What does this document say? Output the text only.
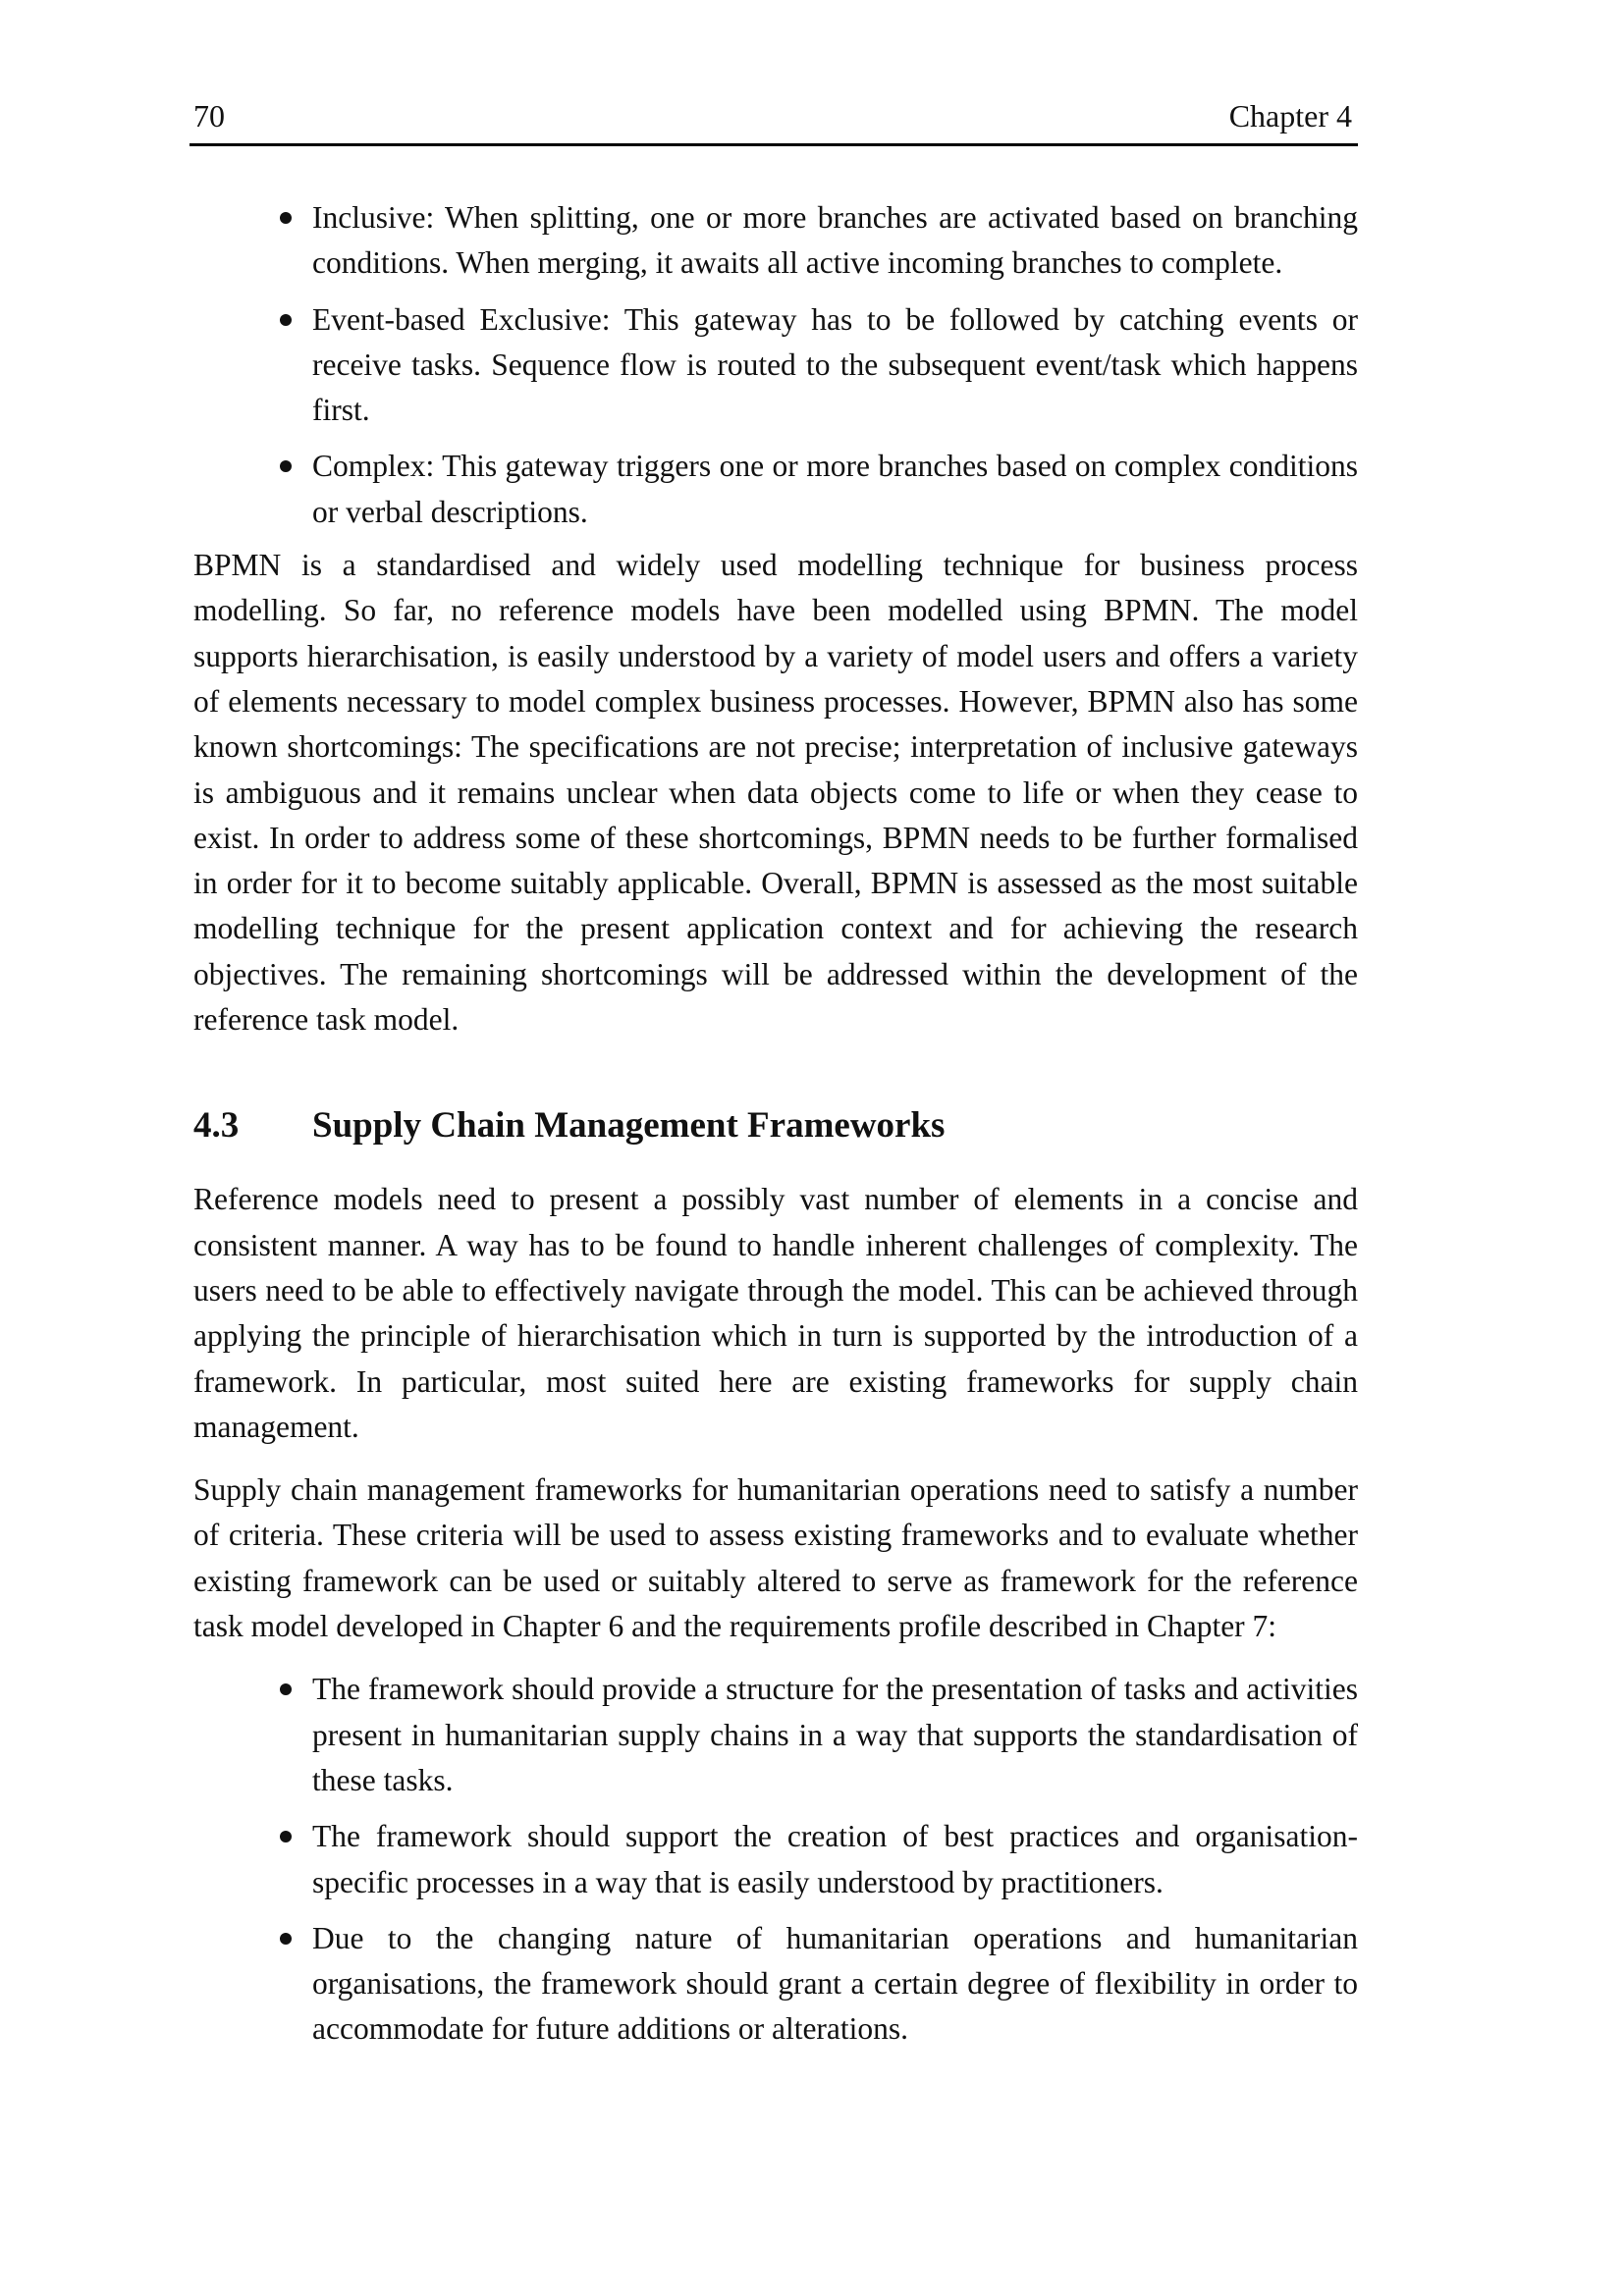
70	Chapter 4
Inclusive: When splitting, one or more branches are activated based on branching conditions. When merging, it awaits all active incoming branches to complete.
Event-based Exclusive: This gateway has to be followed by catching events or receive tasks. Sequence flow is routed to the subsequent event/task which happens first.
Complex: This gateway triggers one or more branches based on complex conditions or verbal descriptions.

BPMN is a standardised and widely used modelling technique for business process modelling. So far, no reference models have been modelled using BPMN. The model supports hierarchisation, is easily understood by a variety of model users and offers a variety of elements necessary to model complex business processes. However, BPMN also has some known shortcomings: The specifications are not precise; interpretation of inclusive gateways is ambiguous and it remains unclear when data objects come to life or when they cease to exist. In order to address some of these shortcomings, BPMN needs to be further formalised in order for it to become suitably applicable. Overall, BPMN is assessed as the most suitable modelling technique for the present application context and for achieving the research objectives. The remaining shortcomings will be addressed within the development of the reference task model.

4.3 Supply Chain Management Frameworks

Reference models need to present a possibly vast number of elements in a concise and consistent manner. A way has to be found to handle inherent challenges of complexity. The users need to be able to effectively navigate through the model. This can be achieved through applying the principle of hierarchisation which in turn is supported by the introduction of a framework. In particular, most suited here are existing frameworks for supply chain management.

Supply chain management frameworks for humanitarian operations need to satisfy a number of criteria. These criteria will be used to assess existing frameworks and to evaluate whether existing framework can be used or suitably altered to serve as framework for the reference task model developed in Chapter 6 and the requirements profile described in Chapter 7:

The framework should provide a structure for the presentation of tasks and activities present in humanitarian supply chains in a way that supports the standardisation of these tasks.
The framework should support the creation of best practices and organisation-specific processes in a way that is easily understood by practitioners.
Due to the changing nature of humanitarian operations and humanitarian organisations, the framework should grant a certain degree of flexibility in order to accommodate for future additions or alterations.
